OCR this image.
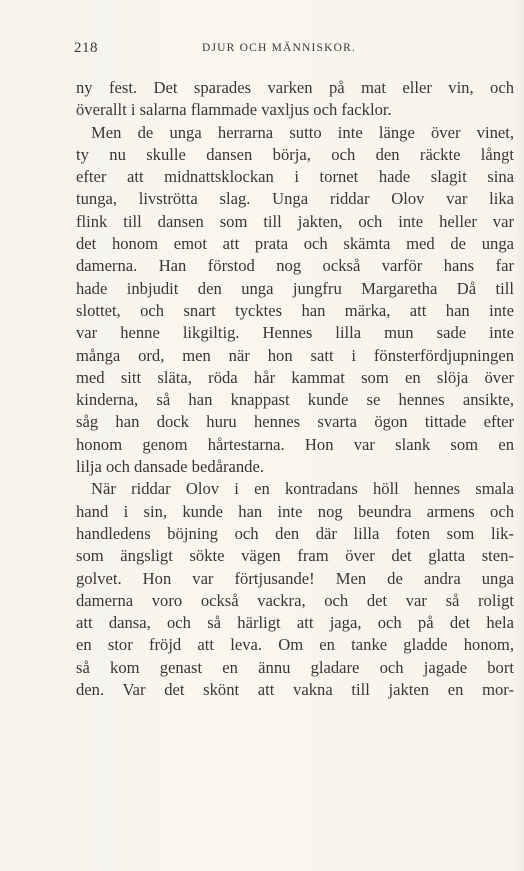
218	DJUR OCH MÄNNISKOR.
ny fest. Det sparades varken på mat eller vin, och
överallt i salarna flammade vaxljus och facklor.
Men de unga herrarna sutto inte länge över vinet,
ty nu skulle dansen börja, och den räckte långt
efter att midnattsklockan i tornet hade slagit sina
tunga, livströtta slag. Unga riddar Olov var lika
flink till dansen som till jakten, och inte heller var
det honom emot att prata och skämta med de unga
damerna. Han förstod nog också varför hans far
hade inbjudit den unga jungfru Margaretha Då till
slottet, och snart tycktes han märka, att han inte
var henne likgiltig. Hennes lilla mun sade inte
många ord, men när hon satt i fönsterfördjupningen
med sitt släta, röda hår kammat som en slöja över
kinderna, så han knappast kunde se hennes ansikte,
såg han dock huru hennes svarta ögon tittade efter
honom genom hårtestarna. Hon var slank som en
lilja och dansade bedårande.
När riddar Olov i en kontradans höll hennes smala
hand i sin, kunde han inte nog beundra armens och
handledens böjning och den där lilla foten som lik-
som ängsligt sökte vägen fram över det glatta sten-
golvet. Hon var förtjusande! Men de andra unga
damerna voro också vackra, och det var så roligt
att dansa, och så härligt att jaga, och på det hela
en stor fröjd att leva. Om en tanke gladde honom,
så kom genast en ännu gladare och jagade bort
den. Var det skönt att vakna till jakten en mor-
